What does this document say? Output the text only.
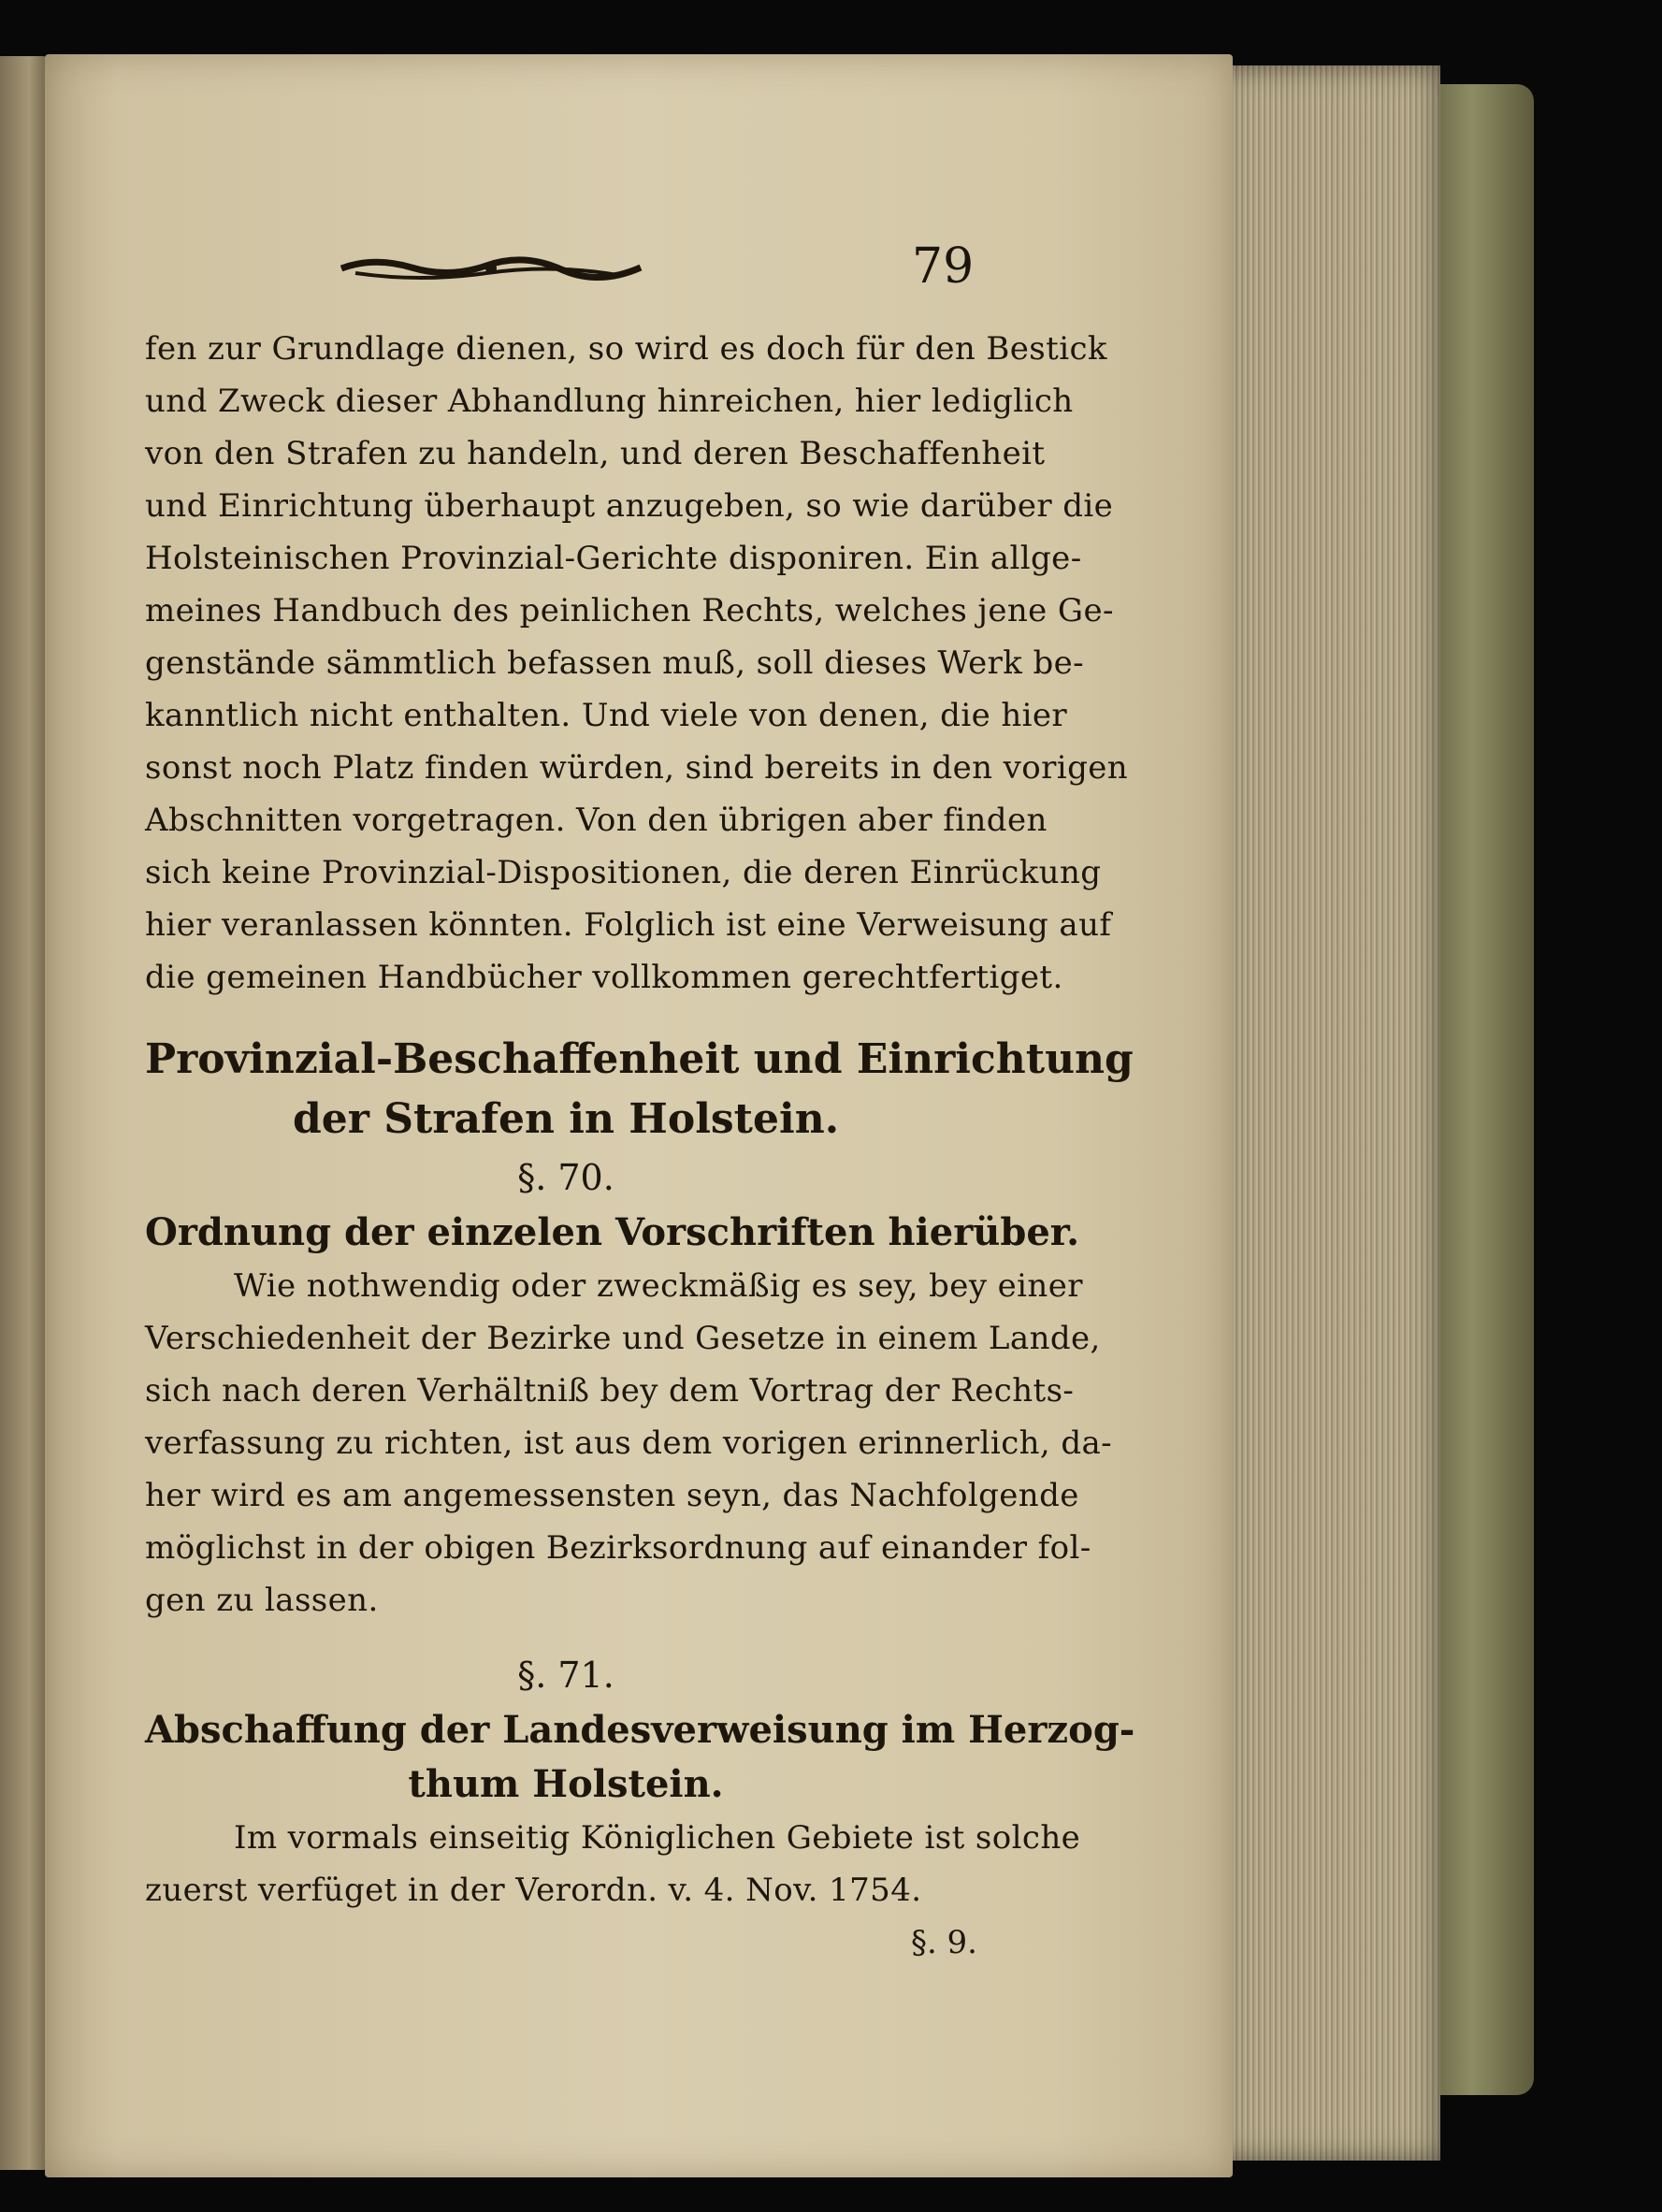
79
fen zur Grundlage dienen, so wird es doch für den Bestick
und Zweck dieser Abhandlung hinreichen, hier lediglich
von den Strafen zu handeln, und deren Beschaffenheit
und Einrichtung überhaupt anzugeben, so wie darüber die
Holsteinischen Provinzial-Gerichte disponiren. Ein allge-
meines Handbuch des peinlichen Rechts, welches jene Ge-
genstände sämmtlich befassen muß, soll dieses Werk be-
kanntlich nicht enthalten. Und viele von denen, die hier
sonst noch Platz finden würden, sind bereits in den vorigen
Abschnitten vorgetragen. Von den übrigen aber finden
sich keine Provinzial-Dispositionen, die deren Einrückung
hier veranlassen könnten. Folglich ist eine Verweisung auf
die gemeinen Handbücher vollkommen gerechtfertiget.
Provinzial-Beschaffenheit und Einrichtung
der Strafen in Holstein.
§. 70.
Ordnung der einzelen Vorschriften hierüber.
Wie nothwendig oder zweckmäßig es sey, bey einer
Verschiedenheit der Bezirke und Gesetze in einem Lande,
sich nach deren Verhältniß bey dem Vortrag der Rechts-
verfassung zu richten, ist aus dem vorigen erinnerlich, da-
her wird es am angemessensten seyn, das Nachfolgende
möglichst in der obigen Bezirksordnung auf einander fol-
gen zu lassen.
§. 71.
Abschaffung der Landesverweisung im Herzog-
thum Holstein.
Im vormals einseitig Königlichen Gebiete ist solche
zuerst verfüget in der Verordn. v. 4. Nov. 1754.
§. 9.
